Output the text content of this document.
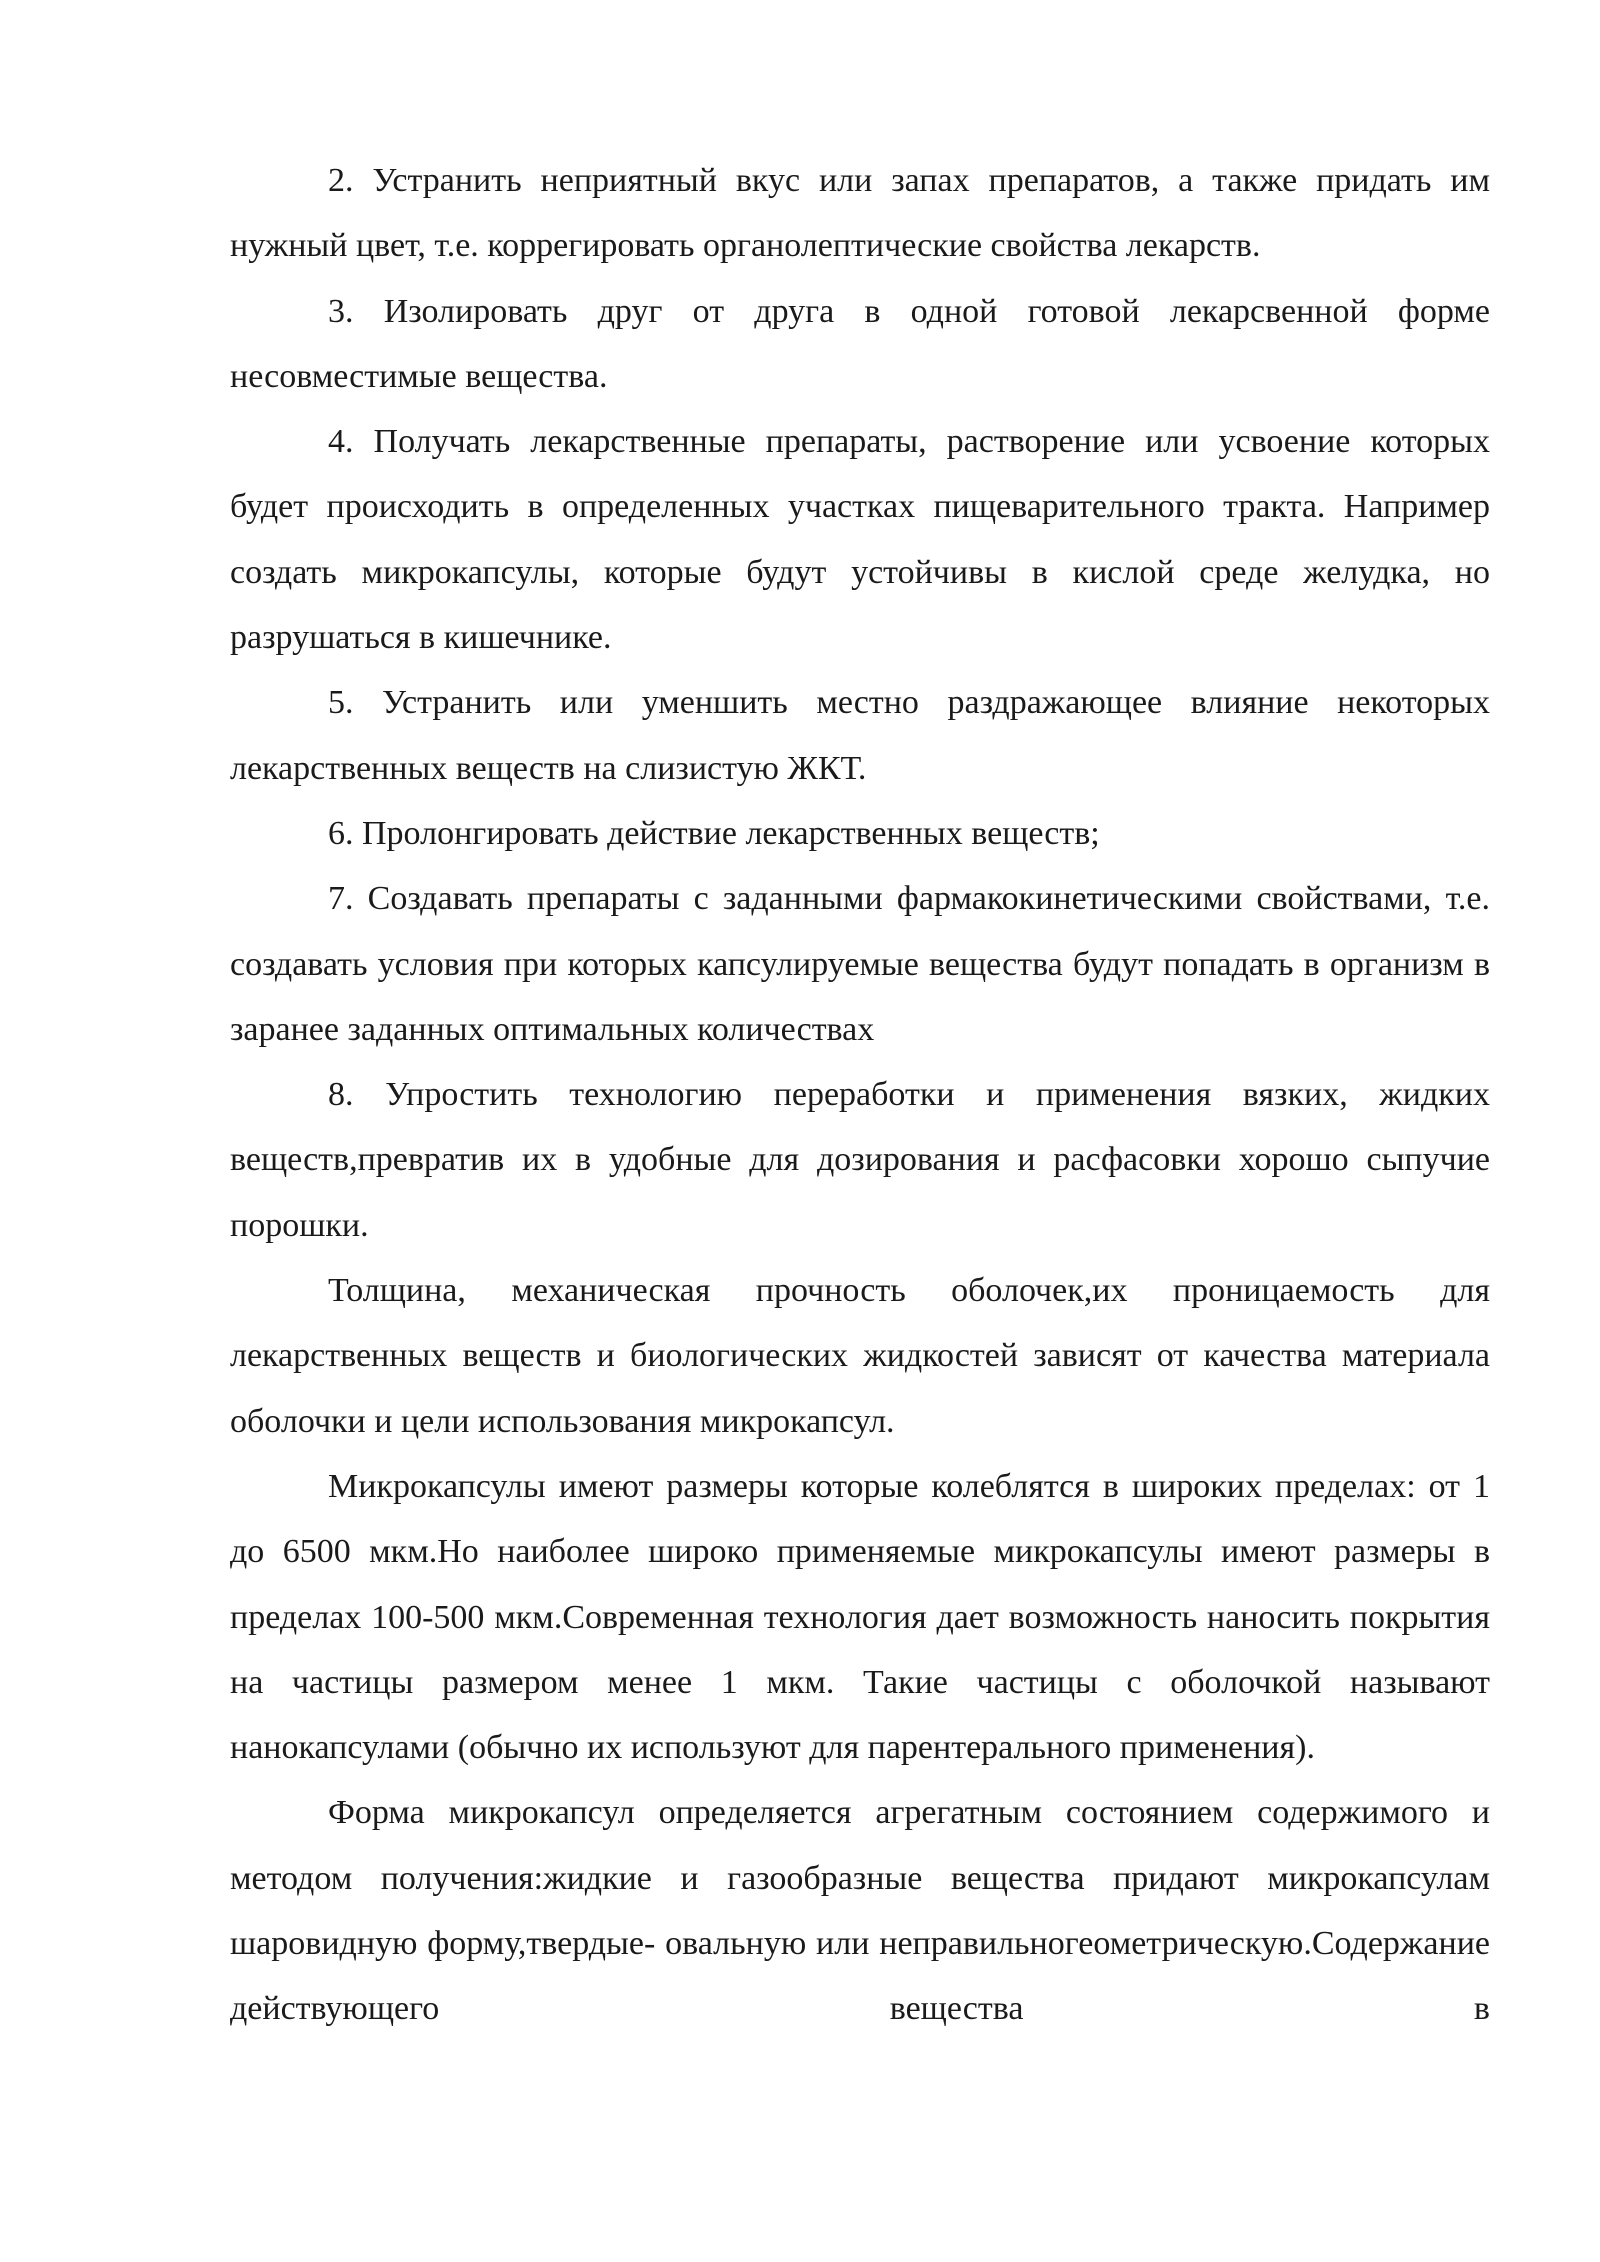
2. Устранить неприятный вкус или запах препаратов, а также придать им нужный цвет, т.е. коррегировать органолептические свойства лекарств.

3. Изолировать друг от друга в одной готовой лекарсвенной форме несовместимые вещества.

4. Получать лекарственные препараты, растворение или усвоение которых будет происходить в определенных участках пищеварительного тракта. Например создать микрокапсулы, которые будут устойчивы в кислой среде желудка, но разрушаться в кишечнике.

5. Устранить или уменшить местно раздражающее влияние некоторых лекарственных веществ на слизистую ЖКТ.

6. Пролонгировать действие лекарственных веществ;

7. Создавать препараты с заданными фармакокинетическими свойствами, т.е. создавать условия при которых капсулируемые вещества будут попадать в организм в заранее заданных оптимальных количествах

8. Упростить технологию переработки и применения вязких, жидких веществ,превратив их в удобные для дозирования и расфасовки хорошо сыпучие порошки.

Толщина, механическая прочность оболочек,их проницаемость для лекарственных веществ и биологических жидкостей зависят от качества материала оболочки и цели использования микрокапсул.

Микрокапсулы имеют размеры которые колеблятся в широких пределах: от 1 до 6500 мкм.Но наиболее широко применяемые микрокапсулы имеют размеры в пределах 100-500 мкм.Современная технология дает возможность наносить покрытия на частицы размером менее 1 мкм. Такие частицы с оболочкой называют нанокапсулами (обычно их используют для парентерального применения).

Форма микрокапсул определяется агрегатным состоянием содержимого и методом получения:жидкие и газообразные вещества придают микрокапсулам шаровидную форму,твердые- овальную или неправильногеометрическую.Содержание действующего вещества в
